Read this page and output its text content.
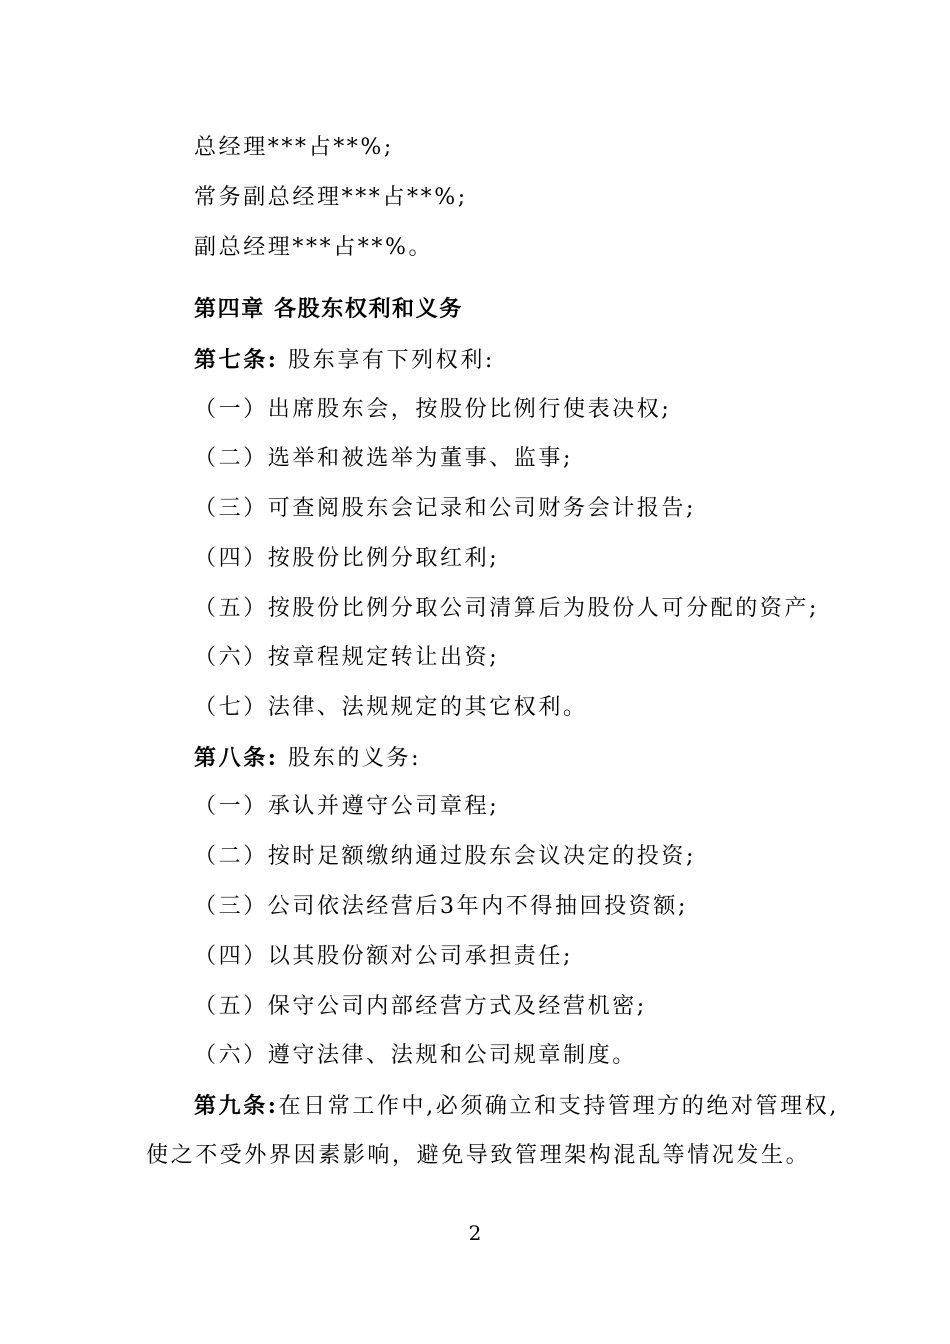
总经理***占**%;
常务副总经理***占**%;
副总经理***占**%。
第四章 各股东权利和义务
第七条: 股东享有下列权利:
（一）出席股东会，按股份比例行使表决权;
（二）选举和被选举为董事、监事;
（三）可查阅股东会记录和公司财务会计报告;
（四）按股份比例分取红利;
（五）按股份比例分取公司清算后为股份人可分配的资产;
（六）按章程规定转让出资;
（七）法律、法规规定的其它权利。
第八条: 股东的义务:
（一）承认并遵守公司章程;
（二）按时足额缴纳通过股东会议决定的投资;
（三）公司依法经营后3年内不得抽回投资额;
（四）以其股份额对公司承担责任;
（五）保守公司内部经营方式及经营机密;
（六）遵守法律、法规和公司规章制度。
第九条:在日常工作中,必须确立和支持管理方的绝对管理权,
使之不受外界因素影响，避免导致管理架构混乱等情况发生。
2
